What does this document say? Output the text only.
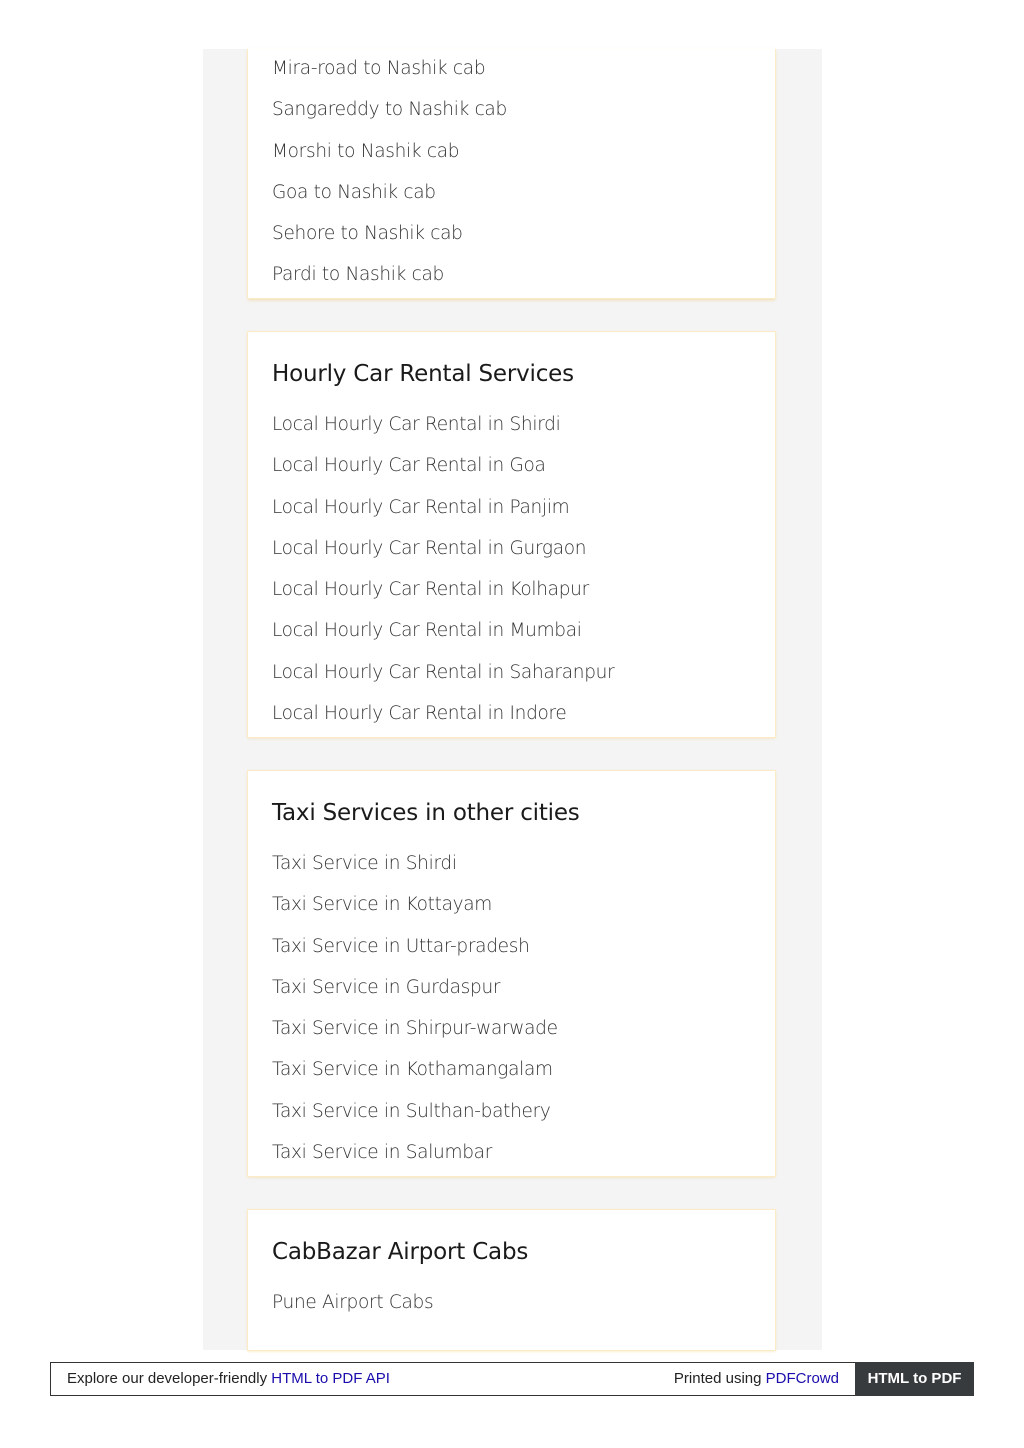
Mira-road to Nashik cab
Sangareddy to Nashik cab
Morshi to Nashik cab
Goa to Nashik cab
Sehore to Nashik cab
Pardi to Nashik cab
Hourly Car Rental Services
Local Hourly Car Rental in Shirdi
Local Hourly Car Rental in Goa
Local Hourly Car Rental in Panjim
Local Hourly Car Rental in Gurgaon
Local Hourly Car Rental in Kolhapur
Local Hourly Car Rental in Mumbai
Local Hourly Car Rental in Saharanpur
Local Hourly Car Rental in Indore
Taxi Services in other cities
Taxi Service in Shirdi
Taxi Service in Kottayam
Taxi Service in Uttar-pradesh
Taxi Service in Gurdaspur
Taxi Service in Shirpur-warwade
Taxi Service in Kothamangalam
Taxi Service in Sulthan-bathery
Taxi Service in Salumbar
CabBazar Airport Cabs
Pune Airport Cabs
Explore our developer-friendly HTML to PDF API	Printed using PDFCrowd	HTML to PDF
